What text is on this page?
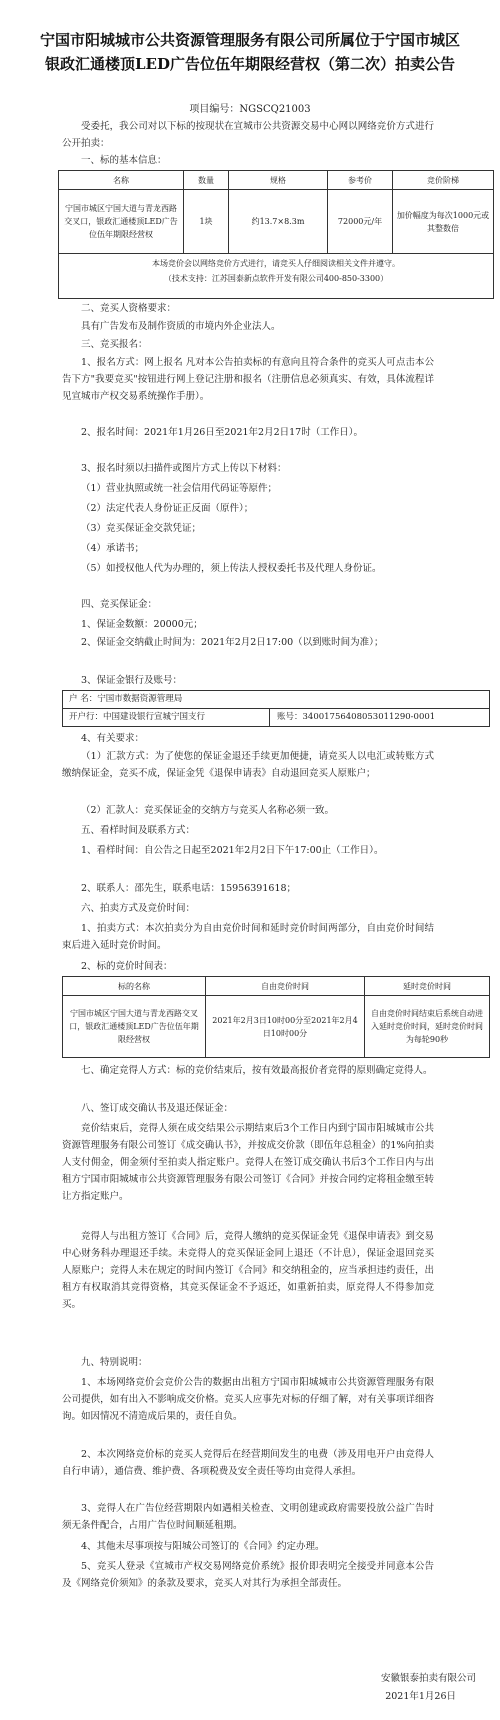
宁国市阳城城市公共资源管理服务有限公司所属位于宁国市城区银政汇通楼顶LED广告位伍年期限经营权（第二次）拍卖公告
项目编号：NGSCQ21003
受委托，我公司对以下标的按现状在宣城市公共资源交易中心网以网络竞价方式进行公开拍卖：
一、标的基本信息：
名称	数量	规格	参考价	竞价阶梯
宁国市城区宁国大道与青龙西路交叉口，银政汇通楼顶LED广告位伍年期限经营权	1块	约13.7×8.3m	72000元/年	加价幅度为每次1000元或其整数倍
本场竞价会以网络竞价方式进行，请竞买人仔细阅读相关文件并遵守。
（技术支持：江苏国泰新点软件开发有限公司400-850-3300）
二、竞买人资格要求：
具有广告发布及制作资质的市境内外企业法人。
三、竞买报名：
1、报名方式：网上报名 凡对本公告拍卖标的有意向且符合条件的竞买人可点击本公告下方"我要竞买"按钮进行网上登记注册和报名（注册信息必须真实、有效，具体流程详见宣城市产权交易系统操作手册）。
2、报名时间：2021年1月26日至2021年2月2日17时（工作日）。
3、报名时须以扫描件或图片方式上传以下材料：
（1）营业执照或统一社会信用代码证等原件；
（2）法定代表人身份证正反面（原件）；
（3）竞买保证金交款凭证；
（4）承诺书；
（5）如授权他人代为办理的，须上传法人授权委托书及代理人身份证。
四、竞买保证金：
1、保证金数额：20000元；
2、保证金交纳截止时间为：2021年2月2日17:00（以到账时间为准）；
3、保证金银行及账号：
户 名：宁国市数据资源管理局
开户行：中国建设银行宣城宁国支行	账号：34001756408053011290-0001
4、有关要求：
（1）汇款方式：为了使您的保证金退还手续更加便捷，请竞买人以电汇或转账方式缴纳保证金，竞买不成，保证金凭《退保申请表》自动退回竞买人原账户；
（2）汇款人：竞买保证金的交纳方与竞买人名称必须一致。
五、看样时间及联系方式：
1、看样时间：自公告之日起至2021年2月2日下午17:00止（工作日）。
2、联系人：邵先生，联系电话：15956391618；
六、拍卖方式及竞价时间：
1、拍卖方式：本次拍卖分为自由竞价时间和延时竞价时间两部分，自由竞价时间结束后进入延时竞价时间。
2、标的竞价时间表：
标的名称	自由竞价时间	延时竞价时间
宁国市城区宁国大道与青龙西路交叉口，银政汇通楼顶LED广告位伍年期限经营权	2021年2月3日10时00分至2021年2月4日10时00分	自由竞价时间结束后系统自动进入延时竞价时间，延时竞价时间为每轮90秒
七、确定竞得人方式：标的竞价结束后，按有效最高报价者竞得的原则确定竞得人。
八、签订成交确认书及退还保证金：
竞价结束后，竞得人须在成交结果公示期结束后3个工作日内到宁国市阳城城市公共资源管理服务有限公司签订《成交确认书》，并按成交价款（即伍年总租金）的1%向拍卖人支付佣金，佣金须付至拍卖人指定账户。竞得人在签订成交确认书后3个工作日内与出租方宁国市阳城城市公共资源管理服务有限公司签订《合同》并按合同约定将租金缴至转让方指定账户。
竞得人与出租方签订《合同》后，竞得人缴纳的竞买保证金凭《退保申请表》到交易中心财务科办理退还手续。未竞得人的竞买保证金同上退还（不计息），保证金退回竞买人原账户；竞得人未在规定的时间内签订《合同》和交纳租金的，应当承担违约责任，出租方有权取消其竞得资格，其竞买保证金不予返还，如重新拍卖，原竞得人不得参加竞买。
九、特别说明：
1、本场网络竞价会竞价公告的数据由出租方宁国市阳城城市公共资源管理服务有限公司提供，如有出入不影响成交价格。竞买人应事先对标的仔细了解，对有关事项详细咨询。如因情况不清造成后果的，责任自负。
2、本次网络竞价标的竞买人竞得后在经营期间发生的电费（涉及用电开户由竞得人自行申请），通信费、维护费、各项税费及安全责任等均由竞得人承担。
3、竞得人在广告位经营期限内如遇相关检查、文明创建或政府需要投放公益广告时须无条件配合，占用广告位时间顺延租期。
4、其他未尽事项按与阳城公司签订的《合同》约定办理。
5、竞买人登录《宣城市产权交易网络竞价系统》报价即表明完全接受并同意本公告及《网络竞价须知》的条款及要求，竞买人对其行为承担全部责任。
安徽银泰拍卖有限公司
2021年1月26日
